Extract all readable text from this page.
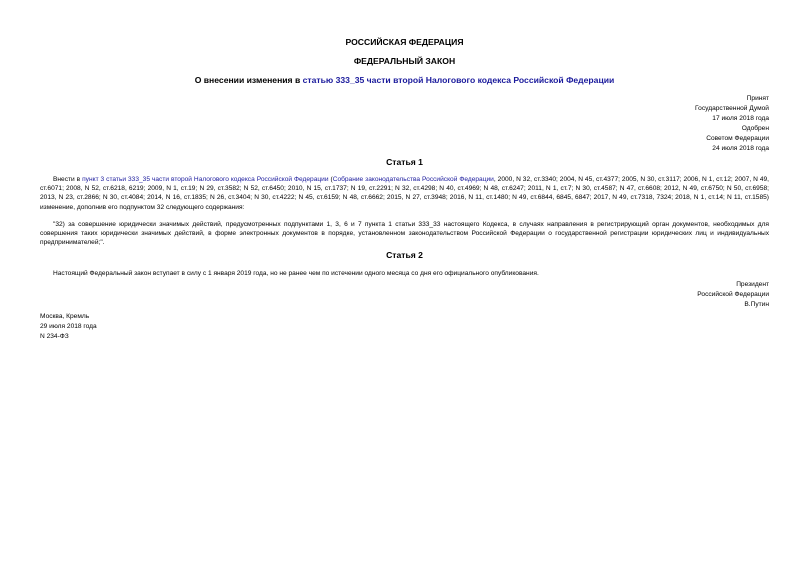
РОССИЙСКАЯ ФЕДЕРАЦИЯ
ФЕДЕРАЛЬНЫЙ ЗАКОН
О внесении изменения в статью 333_35 части второй Налогового кодекса Российской Федерации
Принят
Государственной Думой
17 июля 2018 года
Одобрен
Советом Федерации
24 июля 2018 года
Статья 1
Внести в пункт 3 статьи 333_35 части второй Налогового кодекса Российской Федерации (Собрание законодательства Российской Федерации, 2000, N 32, ст.3340; 2004, N 45, ст.4377; 2005, N 30, ст.3117; 2006, N 1, ст.12; 2007, N 49, ст.6071; 2008, N 52, ст.6218, 6219; 2009, N 1, ст.19; N 29, ст.3582; N 52, ст.6450; 2010, N 15, ст.1737; N 19, ст.2291; N 32, ст.4298; N 40, ст.4969; N 48, ст.6247; 2011, N 1, ст.7; N 30, ст.4587; N 47, ст.6608; 2012, N 49, ст.6750; N 50, ст.6958; 2013, N 23, ст.2866; N 30, ст.4084; 2014, N 16, ст.1835; N 26, ст.3404; N 30, ст.4222; N 45, ст.6159; N 48, ст.6662; 2015, N 27, ст.3948; 2016, N 11, ст.1480; N 49, ст.6844, 6845, 6847; 2017, N 49, ст.7318, 7324; 2018, N 1, ст.14; N 11, ст.1585) изменение, дополнив его подпунктом 32 следующего содержания:
"32) за совершение юридически значимых действий, предусмотренных подпунктами 1, 3, 6 и 7 пункта 1 статьи 333_33 настоящего Кодекса, в случаях направления в регистрирующий орган документов, необходимых для совершения таких юридически значимых действий, в форме электронных документов в порядке, установленном законодательством Российской Федерации о государственной регистрации юридических лиц и индивидуальных предпринимателей;".
Статья 2
Настоящий Федеральный закон вступает в силу с 1 января 2019 года, но не ранее чем по истечении одного месяца со дня его официального опубликования.
Президент
Российской Федерации
В.Путин
Москва, Кремль
29 июля 2018 года
N 234-ФЗ
